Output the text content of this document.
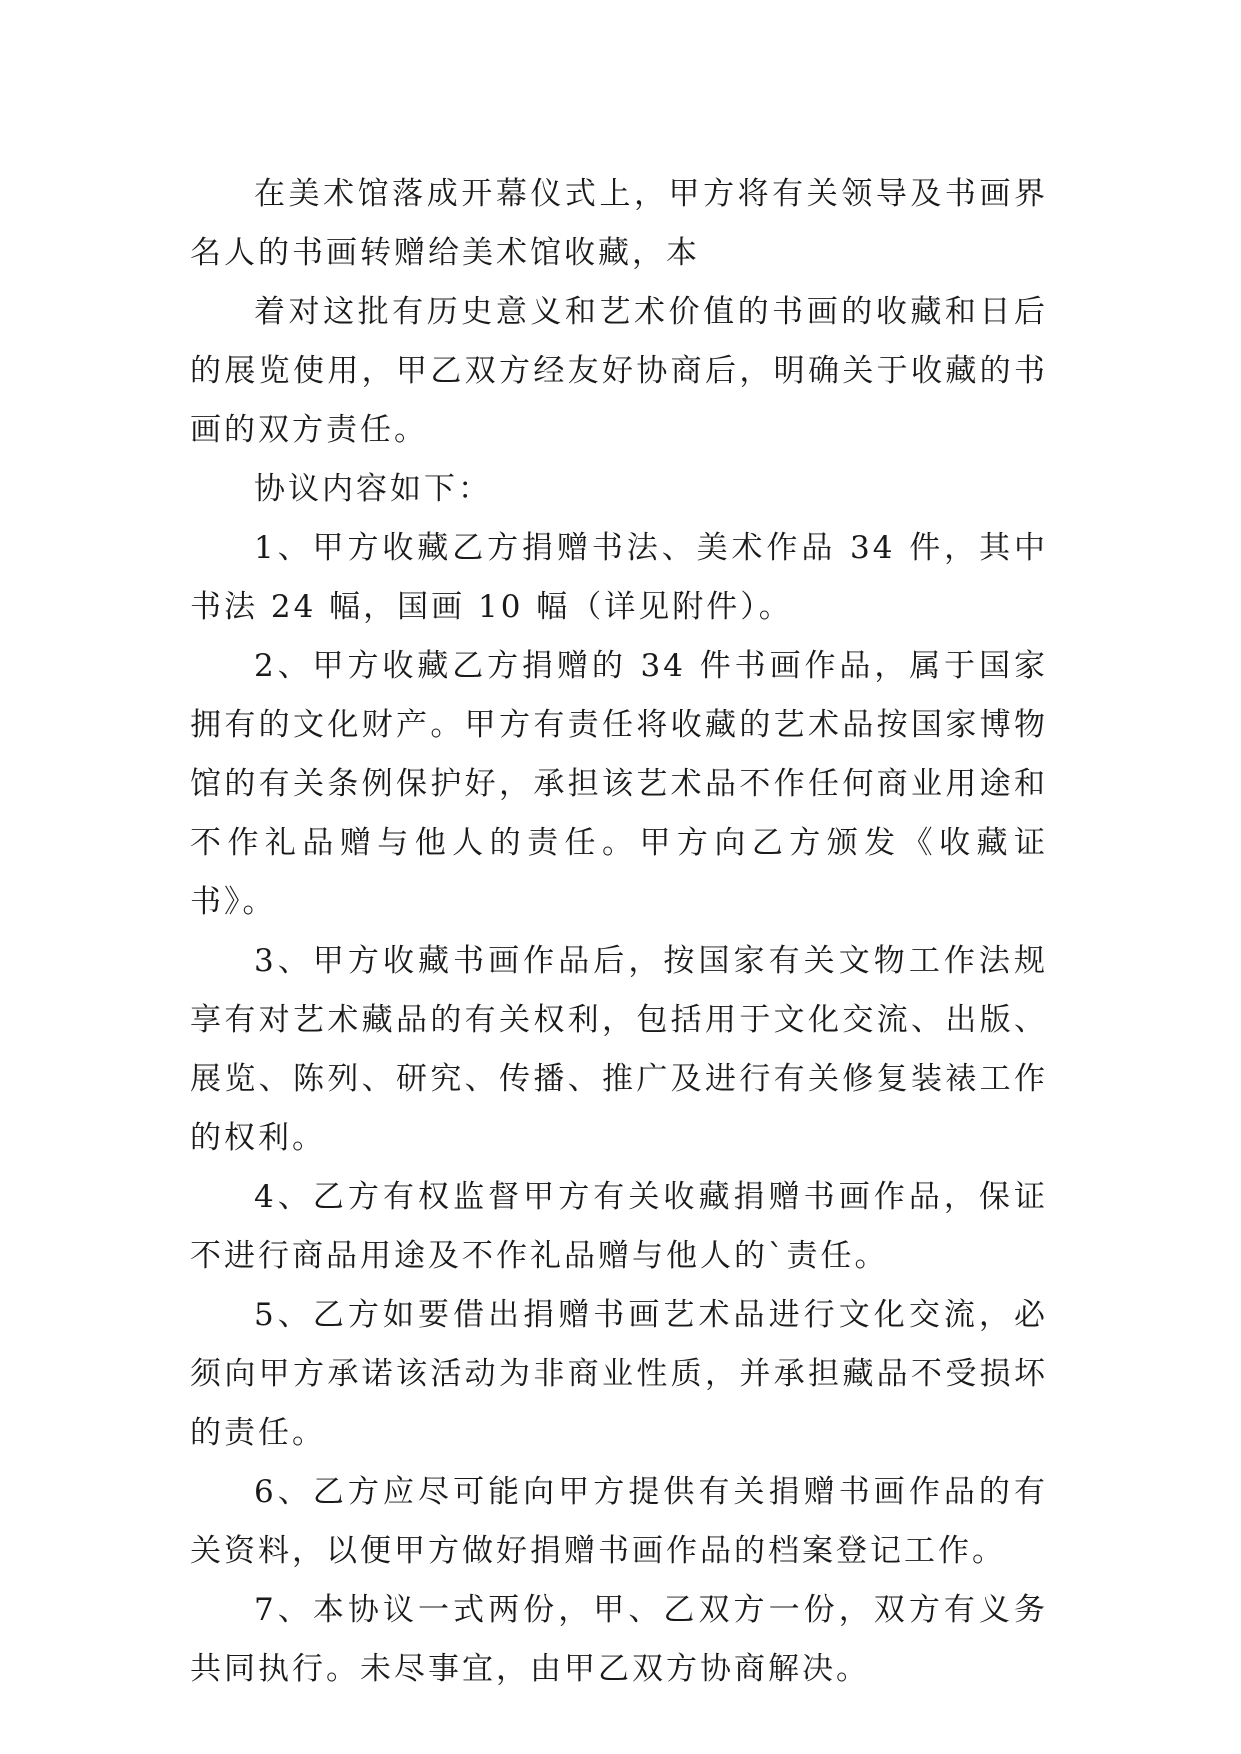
在美术馆落成开幕仪式上，甲方将有关领导及书画界名人的书画转赠给美术馆收藏，本

着对这批有历史意义和艺术价值的书画的收藏和日后的展览使用，甲乙双方经友好协商后，明确关于收藏的书画的双方责任。

协议内容如下：

1、甲方收藏乙方捐赠书法、美术作品 34 件，其中书法 24 幅，国画 10 幅（详见附件）。

2、甲方收藏乙方捐赠的 34 件书画作品，属于国家拥有的文化财产。甲方有责任将收藏的艺术品按国家博物馆的有关条例保护好，承担该艺术品不作任何商业用途和不作礼品赠与他人的责任。甲方向乙方颁发《收藏证书》。

3、甲方收藏书画作品后，按国家有关文物工作法规享有对艺术藏品的有关权利，包括用于文化交流、出版、展览、陈列、研究、传播、推广及进行有关修复装裱工作的权利。

4、乙方有权监督甲方有关收藏捐赠书画作品，保证不进行商品用途及不作礼品赠与他人的`责任。

5、乙方如要借出捐赠书画艺术品进行文化交流，必须向甲方承诺该活动为非商业性质，并承担藏品不受损坏的责任。

6、乙方应尽可能向甲方提供有关捐赠书画作品的有关资料，以便甲方做好捐赠书画作品的档案登记工作。

7、本协议一式两份，甲、乙双方一份，双方有义务共同执行。未尽事宜，由甲乙双方协商解决。
